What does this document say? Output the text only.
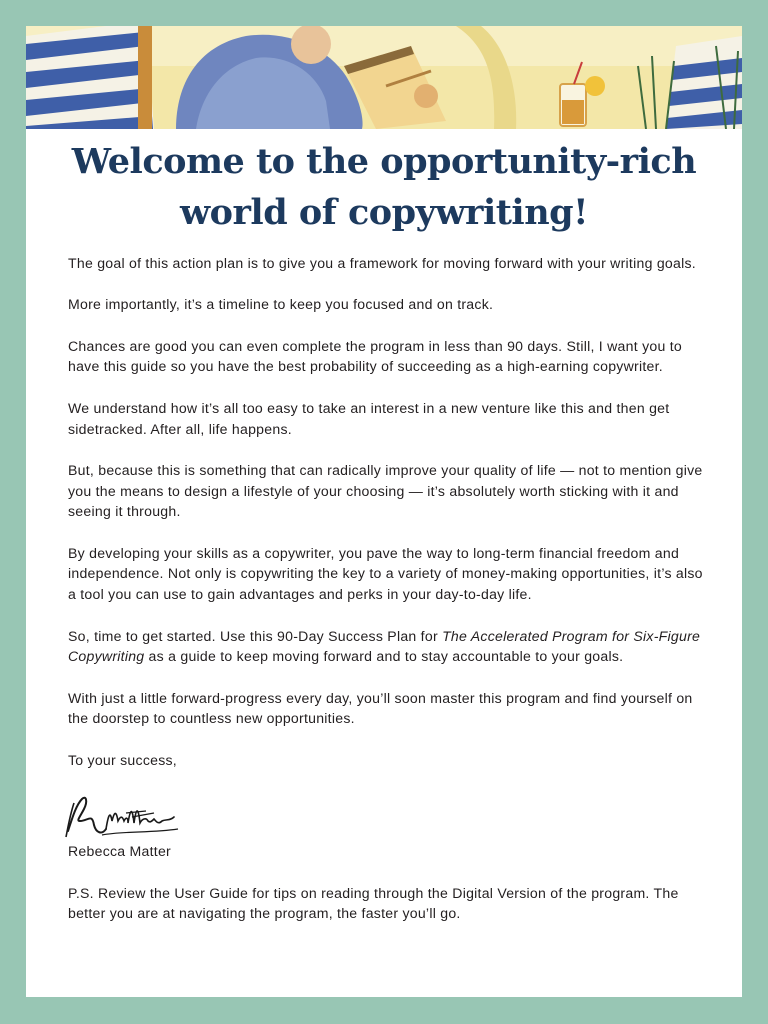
Welcome to the opportunity-rich
world of copywriting!

The goal of this action plan is to give you a framework for moving forward with your writing goals.

More importantly, it’s a timeline to keep you focused and on track.

Chances are good you can even complete the program in less than 90 days. Still, I want you to have this guide so you have the best probability of succeeding as a high-earning copywriter.

We understand how it’s all too easy to take an interest in a new venture like this and then get sidetracked. After all, life happens.

But, because this is something that can radically improve your quality of life — not to mention give you the means to design a lifestyle of your choosing — it’s absolutely worth sticking with it and seeing it through.

By developing your skills as a copywriter, you pave the way to long-term financial freedom and independence. Not only is copywriting the key to a variety of money-making opportunities, it’s also a tool you can use to gain advantages and perks in your day-to-day life.

So, time to get started. Use this 90-Day Success Plan for The Accelerated Program for Six-Figure Copywriting as a guide to keep moving forward and to stay accountable to your goals.

With just a little forward-progress every day, you’ll soon master this program and find yourself on the doorstep to countless new opportunities.

To your success,

Rebecca Matter

P.S. Review the User Guide for tips on reading through the Digital Version of the program. The better you are at navigating the program, the faster you’ll go.
